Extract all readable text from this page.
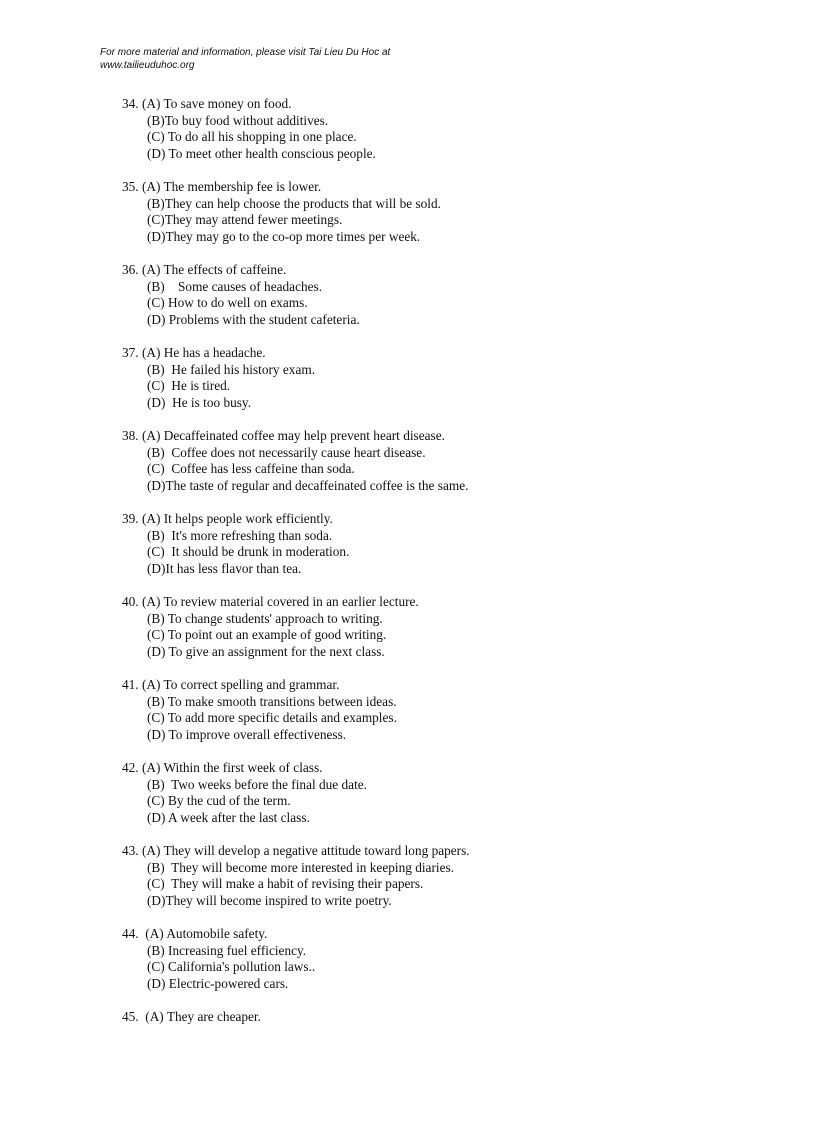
For more material and information, please visit Tai Lieu Du Hoc at
www.tailieuduhoc.org
34. (A) To save money on food.
(B)To buy food without additives.
(C) To do all his shopping in one place.
(D) To meet other health conscious people.
35. (A) The membership fee is lower.
(B)They can help choose the products that will be sold.
(C)They may attend fewer meetings.
(D)They may go to the co-op more times per week.
36. (A) The effects of caffeine.
(B)    Some causes of headaches.
(C) How to do well on exams.
(D) Problems with the student cafeteria.
37. (A) He has a headache.
(B)  He failed his history exam.
(C)  He is tired.
(D)  He is too busy.
38. (A) Decaffeinated coffee may help prevent heart disease.
(B)  Coffee does not necessarily cause heart disease.
(C)  Coffee has less caffeine than soda.
(D)The taste of regular and decaffeinated coffee is the same.
39. (A) It helps people work efficiently.
(B)  It's more refreshing than soda.
(C)  It should be drunk in moderation.
(D)It has less flavor than tea.
40. (A) To review material covered in an earlier lecture.
(B) To change students' approach to writing.
(C) To point out an example of good writing.
(D) To give an assignment for the next class.
41. (A) To correct spelling and grammar.
(B) To make smooth transitions between ideas.
(C) To add more specific details and examples.
(D) To improve overall effectiveness.
42. (A) Within the first week of class.
(B)  Two weeks before the final due date.
(C) By the cud of the term.
(D) A week after the last class.
43. (A) They will develop a negative attitude toward long papers.
(B)  They will become more interested in keeping diaries.
(C)  They will make a habit of revising their papers.
(D)They will become inspired to write poetry.
44.  (A) Automobile safety.
(B) Increasing fuel efficiency.
(C) California's pollution laws..
(D) Electric-powered cars.
45.  (A) They are cheaper.
